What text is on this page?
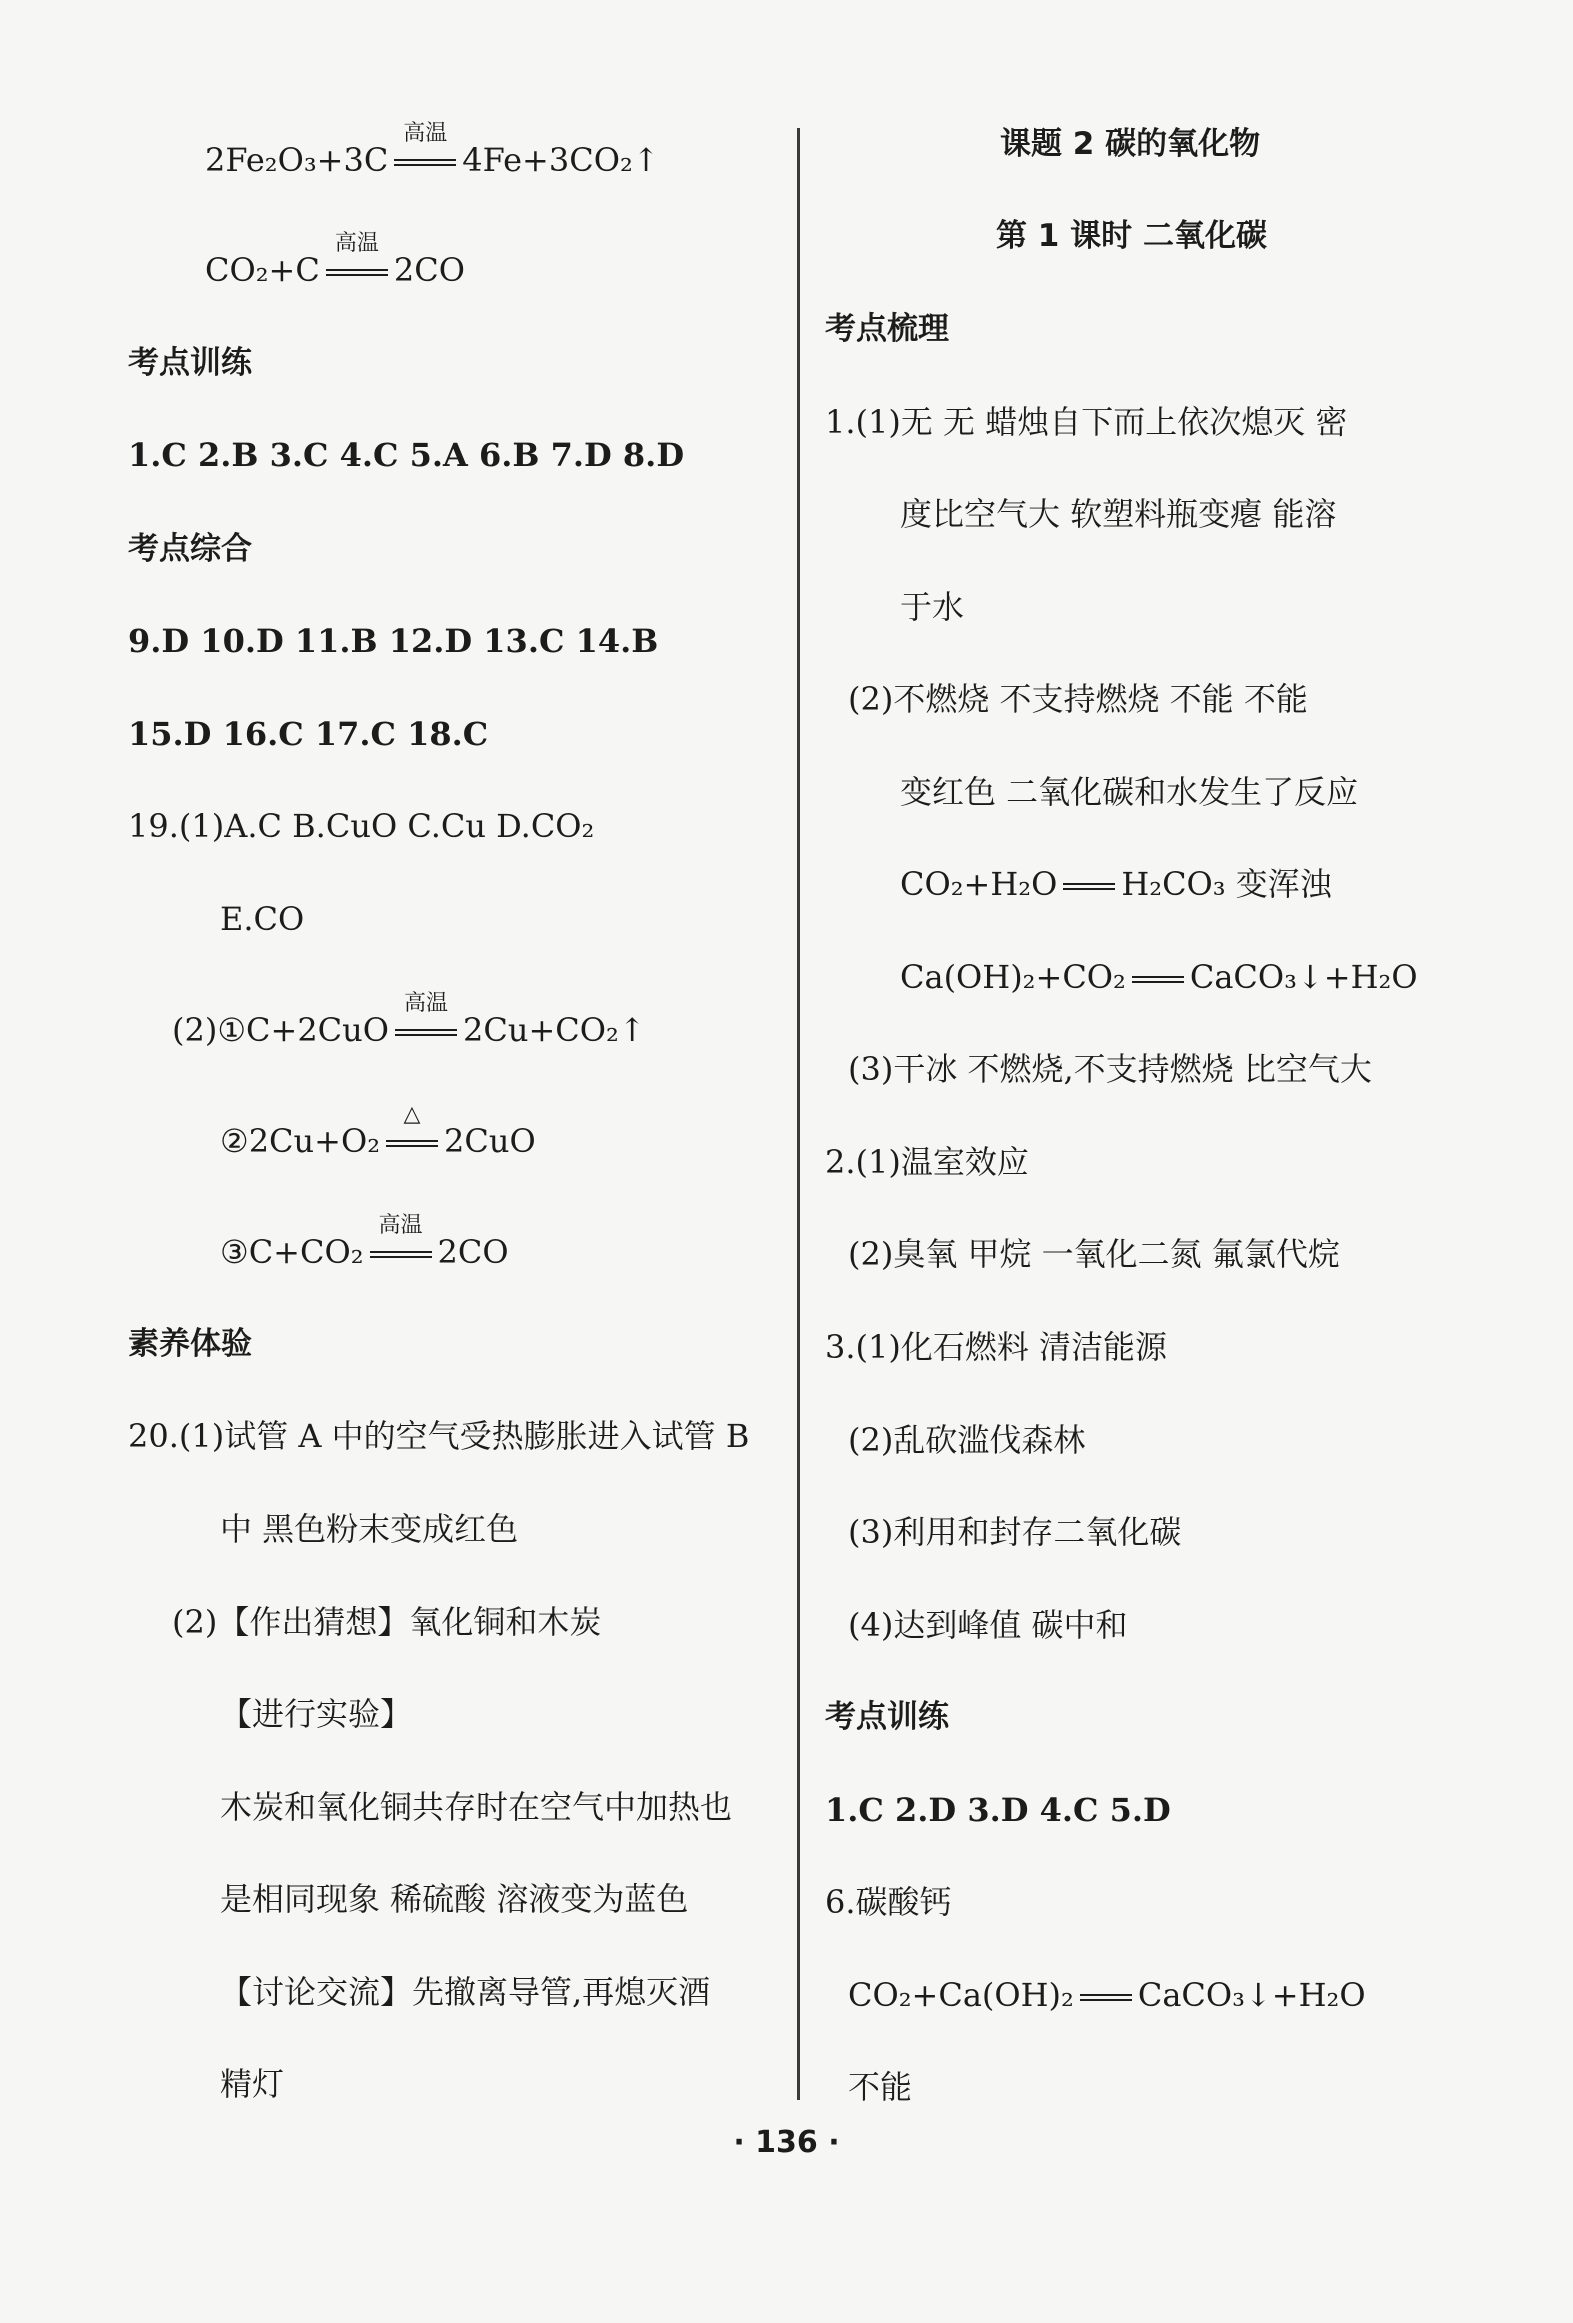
2Fe₂O₃+3C
高温
4Fe+3CO₂↑
CO₂+C
高温
2CO
考点训练
1.C 2.B 3.C 4.C 5.A 6.B 7.D 8.D
考点综合
9.D 10.D 11.B 12.D 13.C 14.B
15.D 16.C 17.C 18.C
19.(1)A.C B.CuO C.Cu D.CO₂
E.CO
(2)①C+2CuO
高温
2Cu+CO₂↑
②2Cu+O₂
△
2CuO
③C+CO₂
高温
2CO
素养体验
20.(1)试管 A 中的空气受热膨胀进入试管 B
中 黑色粉末变成红色
(2)【作出猜想】氧化铜和木炭
【进行实验】
木炭和氧化铜共存时在空气中加热也
是相同现象 稀硫酸 溶液变为蓝色
【讨论交流】先撤离导管,再熄灭酒
精灯
课题 2 碳的氧化物
第 1 课时 二氧化碳
考点梳理
1.(1)无 无 蜡烛自下而上依次熄灭 密
度比空气大 软塑料瓶变瘪 能溶
于水
(2)不燃烧 不支持燃烧 不能 不能
变红色 二氧化碳和水发生了反应
CO₂+H₂O H₂CO₃ 变浑浊
Ca(OH)₂+CO₂ CaCO₃↓+H₂O
(3)干冰 不燃烧,不支持燃烧 比空气大
2.(1)温室效应
(2)臭氧 甲烷 一氧化二氮 氟氯代烷
3.(1)化石燃料 清洁能源
(2)乱砍滥伐森林
(3)利用和封存二氧化碳
(4)达到峰值 碳中和
考点训练
1.C 2.D 3.D 4.C 5.D
6.碳酸钙
CO₂+Ca(OH)₂ CaCO₃↓+H₂O
不能
· 136 ·
